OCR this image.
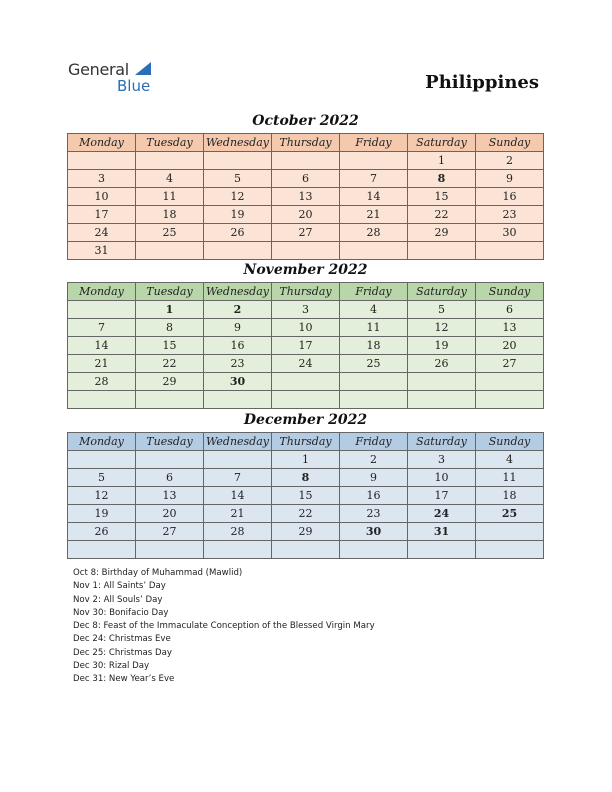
General
Blue	Philippines
October 2022
Monday	Tuesday	Wednesday	Thursday	Friday	Saturday	Sunday
					1	2
3	4	5	6	7	8	9
10	11	12	13	14	15	16
17	18	19	20	21	22	23
24	25	26	27	28	29	30
31						
November 2022
Monday	Tuesday	Wednesday	Thursday	Friday	Saturday	Sunday
	1	2	3	4	5	6
7	8	9	10	11	12	13
14	15	16	17	18	19	20
21	22	23	24	25	26	27
28	29	30				

December 2022
Monday	Tuesday	Wednesday	Thursday	Friday	Saturday	Sunday
			1	2	3	4
5	6	7	8	9	10	11
12	13	14	15	16	17	18
19	20	21	22	23	24	25
26	27	28	29	30	31	

Oct 8: Birthday of Muhammad (Mawlid)
Nov 1: All Saints’ Day
Nov 2: All Souls’ Day
Nov 30: Bonifacio Day
Dec 8: Feast of the Immaculate Conception of the Blessed Virgin Mary
Dec 24: Christmas Eve
Dec 25: Christmas Day
Dec 30: Rizal Day
Dec 31: New Year’s Eve
